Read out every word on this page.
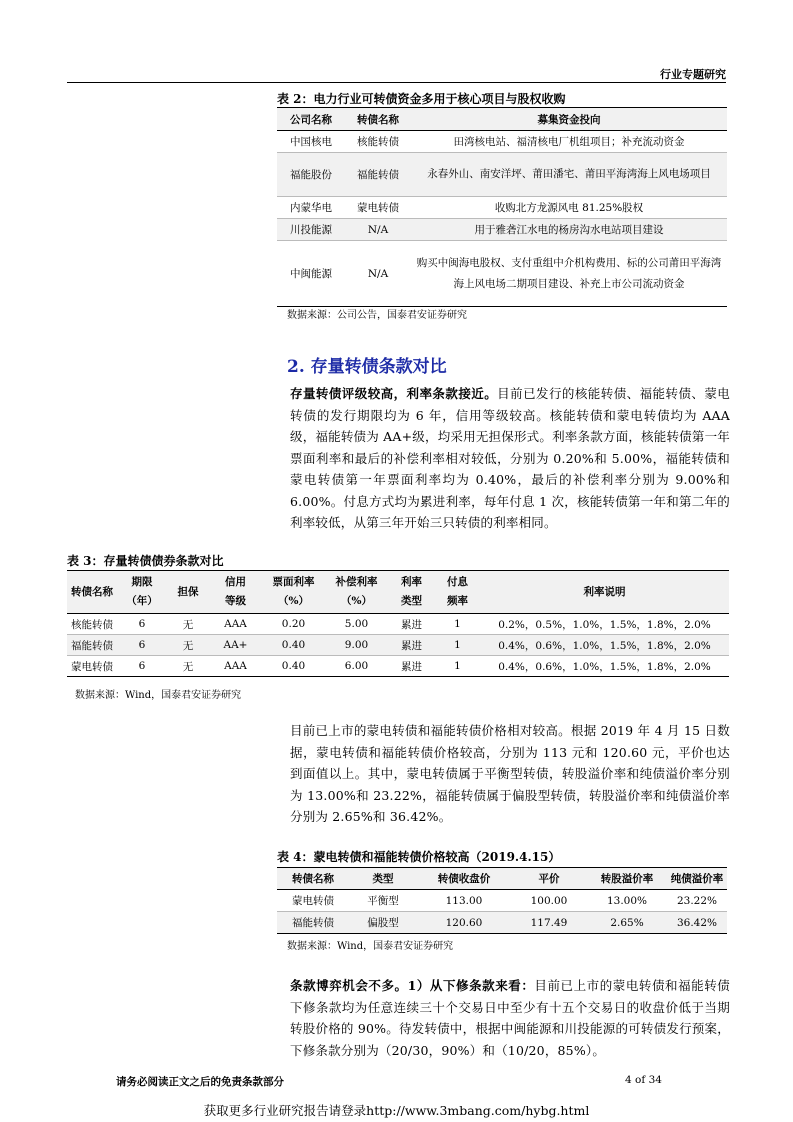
行业专题研究
表 2：电力行业可转债资金多用于核心项目与股权收购
公司名称	转债名称	募集资金投向
中国核电	核能转债	田湾核电站、福清核电厂机组项目；补充流动资金
福能股份	福能转债	永春外山、南安洋坪、莆田潘宅、莆田平海湾海上风电场项目
内蒙华电	蒙电转债	收购北方龙源风电 81.25%股权
川投能源	N/A	用于雅砻江水电的杨房沟水电站项目建设
中闽能源	N/A	购买中闽海电股权、支付重组中介机构费用、标的公司莆田平海湾海上风电场二期项目建设、补充上市公司流动资金
数据来源：公司公告，国泰君安证券研究
2. 存量转债条款对比
存量转债评级较高，利率条款接近。目前已发行的核能转债、福能转债、蒙电转债的发行期限均为 6 年，信用等级较高。核能转债和蒙电转债均为 AAA 级，福能转债为 AA+级，均采用无担保形式。利率条款方面，核能转债第一年票面利率和最后的补偿利率相对较低，分别为 0.20%和 5.00%，福能转债和蒙电转债第一年票面利率均为 0.40%，最后的补偿利率分别为 9.00%和 6.00%。付息方式均为累进利率，每年付息 1 次，核能转债第一年和第二年的利率较低，从第三年开始三只转债的利率相同。
表 3：存量转债债券条款对比
转债名称	期限（年）	担保	信用等级	票面利率（%）	补偿利率（%）	利率类型	付息频率	利率说明
核能转债	6	无	AAA	0.20	5.00	累进	1	0.2%，0.5%，1.0%，1.5%，1.8%，2.0%
福能转债	6	无	AA+	0.40	9.00	累进	1	0.4%，0.6%，1.0%，1.5%，1.8%，2.0%
蒙电转债	6	无	AAA	0.40	6.00	累进	1	0.4%，0.6%，1.0%，1.5%，1.8%，2.0%
数据来源：Wind，国泰君安证券研究
目前已上市的蒙电转债和福能转债价格相对较高。根据 2019 年 4 月 15 日数据，蒙电转债和福能转债价格较高，分别为 113 元和 120.60 元，平价也达到面值以上。其中，蒙电转债属于平衡型转债，转股溢价率和纯债溢价率分别为 13.00%和 23.22%，福能转债属于偏股型转债，转股溢价率和纯债溢价率分别为 2.65%和 36.42%。
表 4：蒙电转债和福能转债价格较高（2019.4.15）
转债名称	类型	转债收盘价	平价	转股溢价率	纯债溢价率
蒙电转债	平衡型	113.00	100.00	13.00%	23.22%
福能转债	偏股型	120.60	117.49	2.65%	36.42%
数据来源：Wind，国泰君安证券研究
条款博弈机会不多。1）从下修条款来看：目前已上市的蒙电转债和福能转债下修条款均为任意连续三十个交易日中至少有十五个交易日的收盘价低于当期转股价格的 90%。待发转债中，根据中闽能源和川投能源的可转债发行预案，下修条款分别为（20/30，90%）和（10/20，85%）。
请务必阅读正文之后的免责条款部分	4 of 34
获取更多行业研究报告请登录http://www.3mbang.com/hybg.html
